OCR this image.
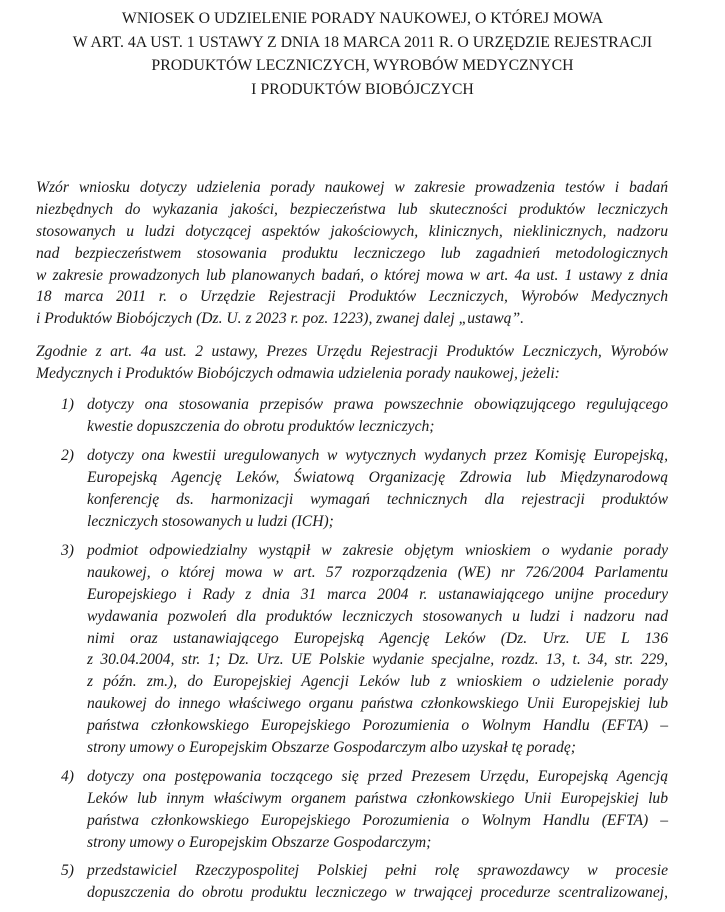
WNIOSEK O UDZIELENIE PORADY NAUKOWEJ, O KTÓREJ MOWA
W ART. 4A UST. 1 USTAWY Z DNIA 18 MARCA 2011 R. O URZĘDZIE REJESTRACJI
PRODUKTÓW LECZNICZYCH, WYROBÓW MEDYCZNYCH
I PRODUKTÓW BIOBÓJCZYCH
Wzór wniosku dotyczy udzielenia porady naukowej w zakresie prowadzenia testów i badań
niezbędnych do wykazania jakości, bezpieczeństwa lub skuteczności produktów leczniczych
stosowanych u ludzi dotyczącej aspektów jakościowych, klinicznych, nieklinicznych, nadzoru
nad bezpieczeństwem stosowania produktu leczniczego lub zagadnień metodologicznych
w zakresie prowadzonych lub planowanych badań, o której mowa w art. 4a ust. 1 ustawy z dnia
18 marca 2011 r. o Urzędzie Rejestracji Produktów Leczniczych, Wyrobów Medycznych
i Produktów Biobójczych (Dz. U. z 2023 r. poz. 1223), zwanej dalej „ustawą”.
Zgodnie z art. 4a ust. 2 ustawy, Prezes Urzędu Rejestracji Produktów Leczniczych, Wyrobów
Medycznych i Produktów Biobójczych odmawia udzielenia porady naukowej, jeżeli:
1) dotyczy ona stosowania przepisów prawa powszechnie obowiązującego regulującego
kwestie dopuszczenia do obrotu produktów leczniczych;
2) dotyczy ona kwestii uregulowanych w wytycznych wydanych przez Komisję Europejską,
Europejską Agencję Leków, Światową Organizację Zdrowia lub Międzynarodową
konferencję ds. harmonizacji wymagań technicznych dla rejestracji produktów
leczniczych stosowanych u ludzi (ICH);
3) podmiot odpowiedzialny wystąpił w zakresie objętym wnioskiem o wydanie porady
naukowej, o której mowa w art. 57 rozporządzenia (WE) nr 726/2004 Parlamentu
Europejskiego i Rady z dnia 31 marca 2004 r. ustanawiającego unijne procedury
wydawania pozwoleń dla produktów leczniczych stosowanych u ludzi i nadzoru nad
nimi oraz ustanawiającego Europejską Agencję Leków (Dz. Urz. UE L 136
z 30.04.2004, str. 1; Dz. Urz. UE Polskie wydanie specjalne, rozdz. 13, t. 34, str. 229,
z późn. zm.), do Europejskiej Agencji Leków lub z wnioskiem o udzielenie porady
naukowej do innego właściwego organu państwa członkowskiego Unii Europejskiej lub
państwa członkowskiego Europejskiego Porozumienia o Wolnym Handlu (EFTA) –
strony umowy o Europejskim Obszarze Gospodarczym albo uzyskał tę poradę;
4) dotyczy ona postępowania toczącego się przed Prezesem Urzędu, Europejską Agencją
Leków lub innym właściwym organem państwa członkowskiego Unii Europejskiej lub
państwa członkowskiego Europejskiego Porozumienia o Wolnym Handlu (EFTA) –
strony umowy o Europejskim Obszarze Gospodarczym;
5) przedstawiciel Rzeczypospolitej Polskiej pełni rolę sprawozdawcy w procesie
dopuszczenia do obrotu produktu leczniczego w trwającej procedurze scentralizowanej,
